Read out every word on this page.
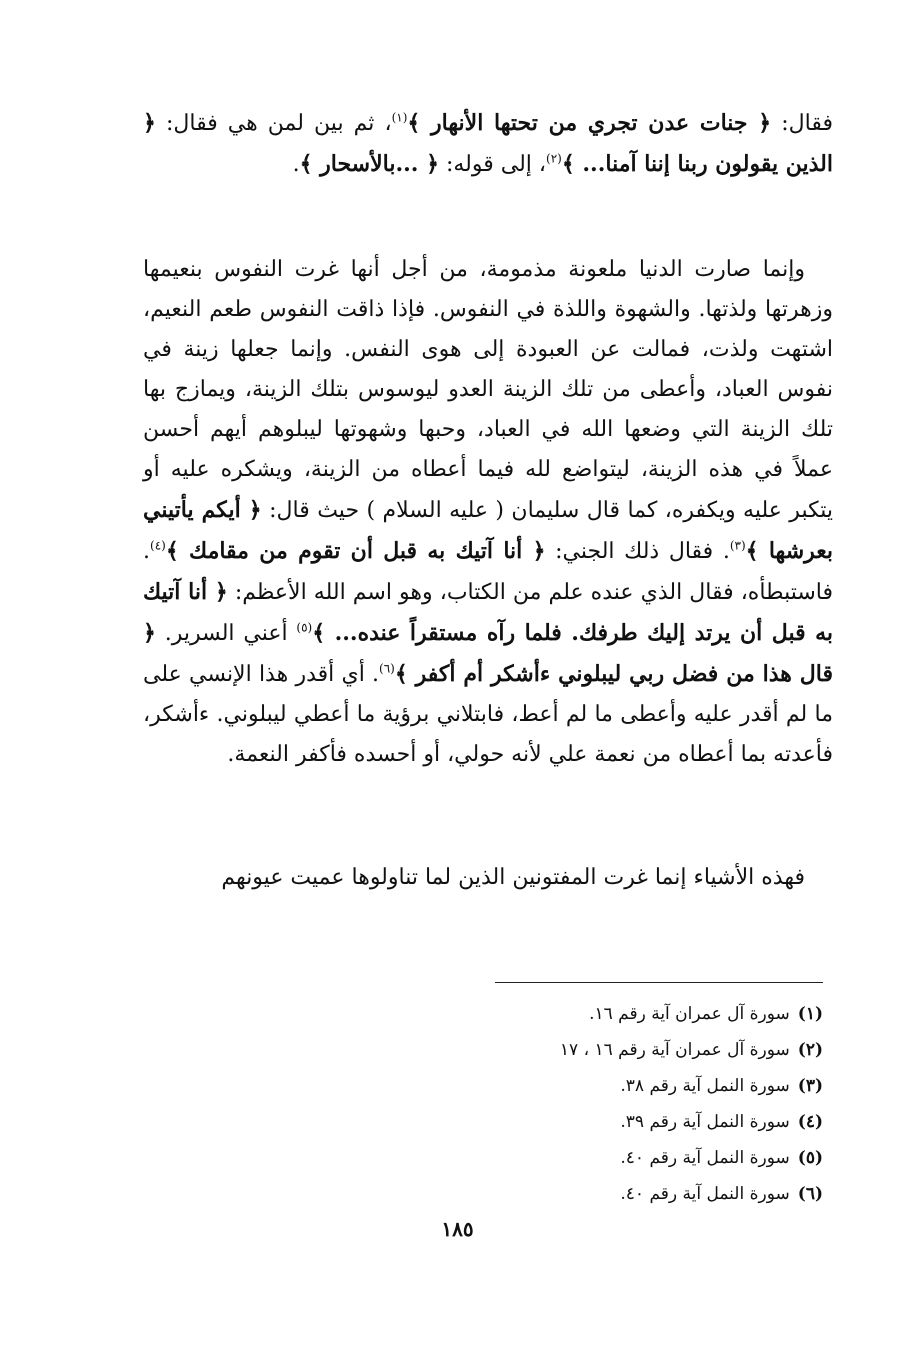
فقال: ﴿ جنات عدن تجري من تحتها الأنهار ﴾$^{(١)}$، ثم بين لمن هي فقال: ﴿ الذين يقولون ربنا إننا آمنا... ﴾$^{(٢)}$، إلى قوله: ﴿ ...بالأسحار ﴾.
وإنما صارت الدنيا ملعونة مذمومة، من أجل أنها غرت النفوس بنعيمها وزهرتها ولذتها. والشهوة واللذة في النفوس. فإذا ذاقت النفوس طعم النعيم، اشتهت ولذت، فمالت عن العبودة إلى هوى النفس. وإنما جعلها زينة في نفوس العباد، وأعطى من تلك الزينة العدو ليوسوس بتلك الزينة، ويمازج بها تلك الزينة التي وضعها الله في العباد، وحبها وشهوتها ليبلوهم أيهم أحسن عملاً في هذه الزينة، ليتواضع لله فيما أعطاه من الزينة، ويشكره عليه أو يتكبر عليه ويكفره، كما قال سليمان ( عليه السلام ) حيث قال: ﴿ أيكم يأتيني بعرشها ﴾$^{(٣)}$. فقال ذلك الجني: ﴿ أنا آتيك به قبل أن تقوم من مقامك ﴾$^{(٤)}$. فاستبطأه، فقال الذي عنده علم من الكتاب، وهو اسم الله الأعظم: ﴿ أنا آتيك به قبل أن يرتد إليك طرفك. فلما رآه مستقراً عنده... ﴾$^{(٥)}$ أعني السرير. ﴿ قال هذا من فضل ربي ليبلوني ءأشكر أم أكفر ﴾$^{(٦)}$. أي أقدر هذا الإنسي على ما لم أقدر عليه وأعطى ما لم أعط، فابتلاني برؤية ما أعطي ليبلوني. ءأشكر، فأعدته بما أعطاه من نعمة علي لأنه حولي، أو أحسده فأكفر النعمة.
فهذه الأشياء إنما غرت المفتونين الذين لما تناولوها عميت عيونهم
(١)سورة آل عمران آية رقم ١٦.
(٢)سورة آل عمران آية رقم ١٦ ، ١٧
(٣)سورة النمل آية رقم ٣٨.
(٤)سورة النمل آية رقم ٣٩.
(٥)سورة النمل آية رقم ٤٠.
(٦)سورة النمل آية رقم ٤٠.
١٨٥
